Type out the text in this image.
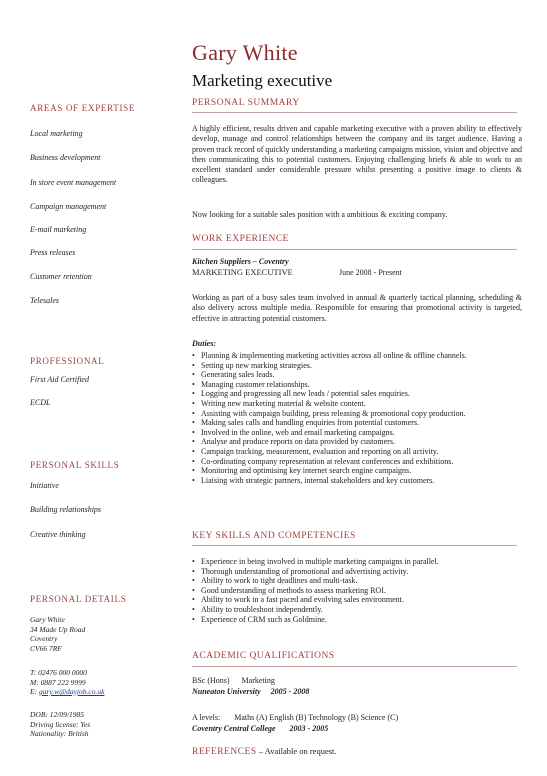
Gary White
Marketing executive
AREAS OF EXPERTISE
Local marketing
Business development
In store event management
Campaign management
E-mail marketing
Press releases
Customer retention
Telesales
PROFESSIONAL
First Aid Certified
ECDL
PERSONAL SKILLS
Initiative
Building relationships
Creative thinking
PERSONAL DETAILS
Gary White
34 Made Up Road
Coventry
CV66 7RF
T: 02476 000 0000
M: 0887 222 9999
E: gary.w@dayjob.co.uk
DOB: 12/09/1985
Driving license: Yes
Nationality: British
PERSONAL SUMMARY
A highly efficient, results driven and capable marketing executive with a proven ability to effectively develop, manage and control relationships between the company and its target audience. Having a proven track record of quickly understanding a marketing campaigns mission, vision and objective and then communicating this to potential customers. Enjoying challenging briefs & able to work to an excellent standard under considerable pressure whilst presenting a positive image to clients & colleagues.
Now looking for a suitable sales position with a ambitious & exciting company.
WORK EXPERIENCE
Kitchen Suppliers – Coventry
MARKETING EXECUTIVE	June 2008 - Present
Working as part of a busy sales team involved in annual & quarterly tactical planning, scheduling & also delivery across multiple media. Responsible for ensuring that promotional activity is targeted, effective in attracting potential customers.
Duties:
• Planning & implementing marketing activities across all online & offline channels.
• Setting up new marking strategies.
• Generating sales leads.
• Managing customer relationships.
• Logging and progressing all new leads / potential sales enquiries.
• Writing new marketing material & website content.
• Assisting with campaign building, press releasing & promotional copy production.
• Making sales calls and handling enquiries from potential customers.
• Involved in the online, web and email marketing campaigns.
• Analyse and produce reports on data provided by customers.
• Campaign tracking, measurement, evaluation and reporting on all activity.
• Co-ordinating company representation at relevant conferences and exhibitions.
• Monitoring and optimising key internet search engine campaigns.
• Liaising with strategic partners, internal stakeholders and key customers.
KEY SKILLS AND COMPETENCIES
• Experience in being involved in multiple marketing campaigns in parallel.
• Thorough understanding of promotional and advertising activity.
• Ability to work to tight deadlines and multi-task.
• Good understanding of methods to assess marketing ROI.
• Ability to work in a fast paced and evolving sales environment.
• Ability to troubleshoot independently.
• Experience of CRM such as Goldmine.
ACADEMIC QUALIFICATIONS
BSc (Hons)      Marketing
Nuneaton University     2005 - 2008
A levels:       Maths (A) English (B) Technology (B) Science (C)
Coventry Central College       2003 - 2005
REFERENCES – Available on request.
